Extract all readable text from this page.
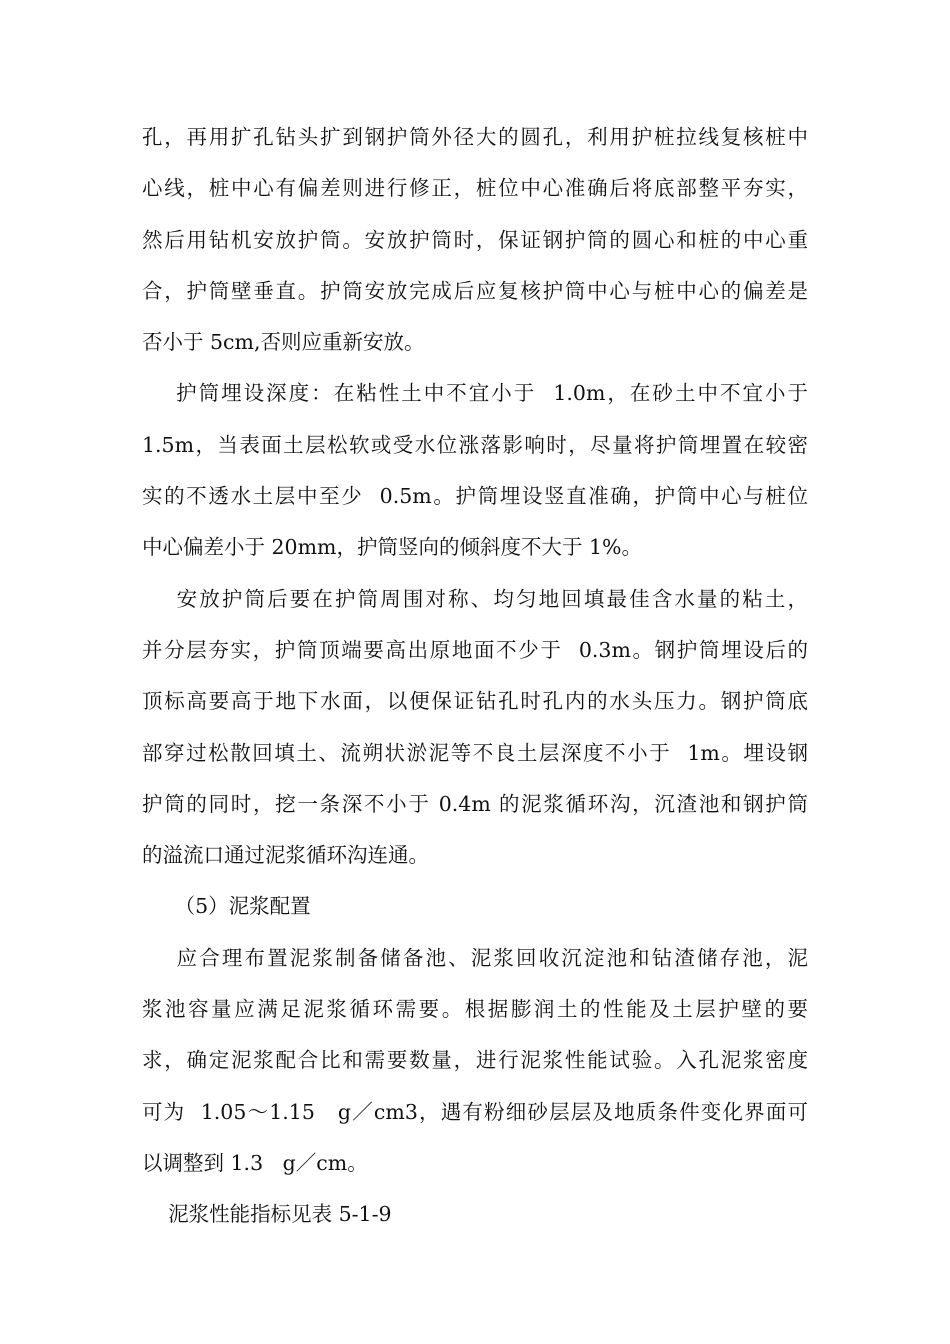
孔，再用扩孔钻头扩到钢护筒外径大的圆孔，利用护桩拉线复核桩中
心线，桩中心有偏差则进行修正，桩位中心准确后将底部整平夯实，
然后用钻机安放护筒。安放护筒时，保证钢护筒的圆心和桩的中心重
合，护筒壁垂直。护筒安放完成后应复核护筒中心与桩中心的偏差是
否小于 5cm,否则应重新安放。
护筒埋设深度：在粘性土中不宜小于  1.0m，在砂土中不宜小于
1.5m，当表面土层松软或受水位涨落影响时，尽量将护筒埋置在较密
实的不透水土层中至少  0.5m。护筒埋设竖直准确，护筒中心与桩位
中心偏差小于 20mm，护筒竖向的倾斜度不大于 1%。
安放护筒后要在护筒周围对称、均匀地回填最佳含水量的粘土，
并分层夯实，护筒顶端要高出原地面不少于  0.3m。钢护筒埋设后的
顶标高要高于地下水面，以便保证钻孔时孔内的水头压力。钢护筒底
部穿过松散回填土、流朔状淤泥等不良土层深度不小于  1m。埋设钢
护筒的同时，挖一条深不小于 0.4m 的泥浆循环沟，沉渣池和钢护筒
的溢流口通过泥浆循环沟连通。
（5）泥浆配置
应合理布置泥浆制备储备池、泥浆回收沉淀池和钻渣储存池，泥
浆池容量应满足泥浆循环需要。根据膨润土的性能及土层护壁的要
求，确定泥浆配合比和需要数量，进行泥浆性能试验。入孔泥浆密度
可为  1.05～1.15   g／cm3，遇有粉细砂层层及地质条件变化界面可
以调整到 1.3   g／cm。
泥浆性能指标见表 5-1-9
